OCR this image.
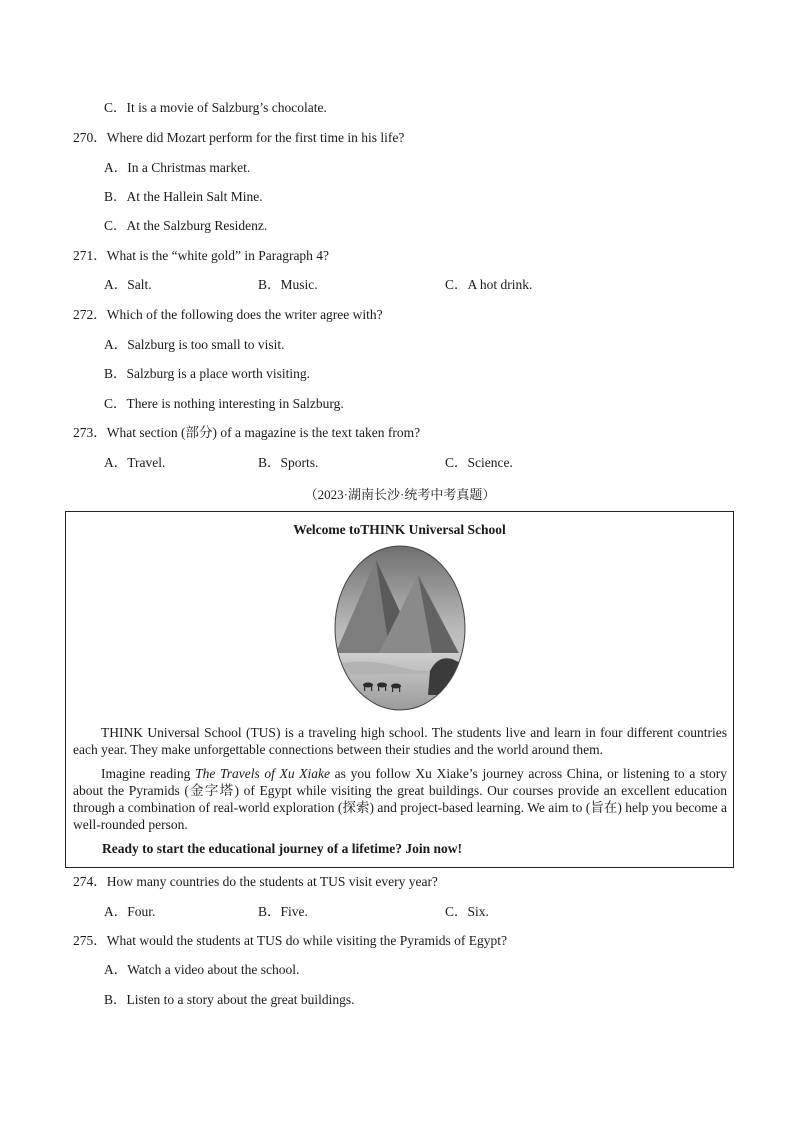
C．It is a movie of Salzburg’s chocolate.
270．Where did Mozart perform for the first time in his life?
A．In a Christmas market.
B．At the Hallein Salt Mine.
C．At the Salzburg Residenz.
271．What is the “white gold” in Paragraph 4?
A．Salt.	B．Music.	C．A hot drink.
272．Which of the following does the writer agree with?
A．Salzburg is too small to visit.
B．Salzburg is a place worth visiting.
C．There is nothing interesting in Salzburg.
273．What section (部分) of a magazine is the text taken from?
A．Travel.	B．Sports.	C．Science.
（2023·湖南长沙·统考中考真题）
Welcome toTHINK Universal School
THINK Universal School (TUS) is a traveling high school. The students live and learn in four different countries each year. They make unforgettable connections between their studies and the world around them.
Imagine reading The Travels of Xu Xiake as you follow Xu Xiake’s journey across China, or listening to a story about the Pyramids (金字塔) of Egypt while visiting the great buildings. Our courses provide an excellent education through a combination of real-world exploration (探索) and project-based learning. We aim to (旨在) help you become a well-rounded person.
Ready to start the educational journey of a lifetime? Join now!
274．How many countries do the students at TUS visit every year?
A．Four.	B．Five.	C．Six.
275．What would the students at TUS do while visiting the Pyramids of Egypt?
A．Watch a video about the school.
B．Listen to a story about the great buildings.
